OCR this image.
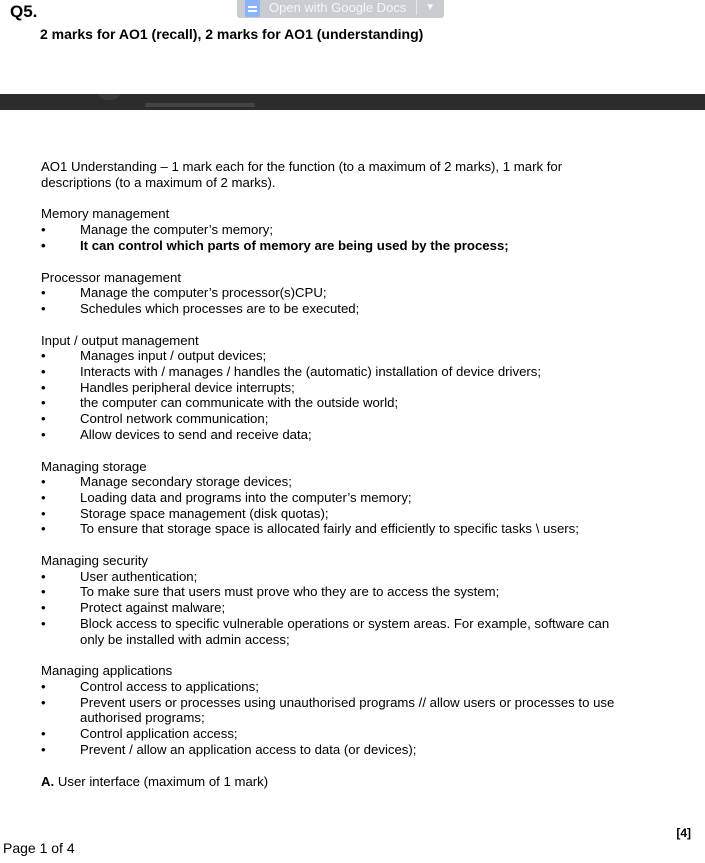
Q5.	Open with Google Docs ▼
2 marks for AO1 (recall), 2 marks for AO1 (understanding)

AO1 Understanding – 1 mark each for the function (to a maximum of 2 marks), 1 mark for descriptions (to a maximum of 2 marks).

Memory management

•	Manage the computer’s memory;
•	It can control which parts of memory are being used by the process;

Processor management

•	Manage the computer’s processor(s)CPU;
•	Schedules which processes are to be executed;

Input / output management

•	Manages input / output devices;
•	Interacts with / manages / handles the (automatic) installation of device drivers;
•	Handles peripheral device interrupts;
•	the computer can communicate with the outside world;
•	Control network communication;
•	Allow devices to send and receive data;

Managing storage

•	Manage secondary storage devices;
•	Loading data and programs into the computer’s memory;
•	Storage space management (disk quotas);
•	To ensure that storage space is allocated fairly and efficiently to specific tasks \ users;

Managing security

•	User authentication;
•	To make sure that users must prove who they are to access the system;
•	Protect against malware;
•	Block access to specific vulnerable operations or system areas. For example, software can only be installed with admin access;

Managing applications

•	Control access to applications;
•	Prevent users or processes using unauthorised programs // allow users or processes to use authorised programs;
•	Control application access;
•	Prevent / allow an application access to data (or devices);

A. User interface (maximum of 1 mark)

[4]
Page 1 of 4
